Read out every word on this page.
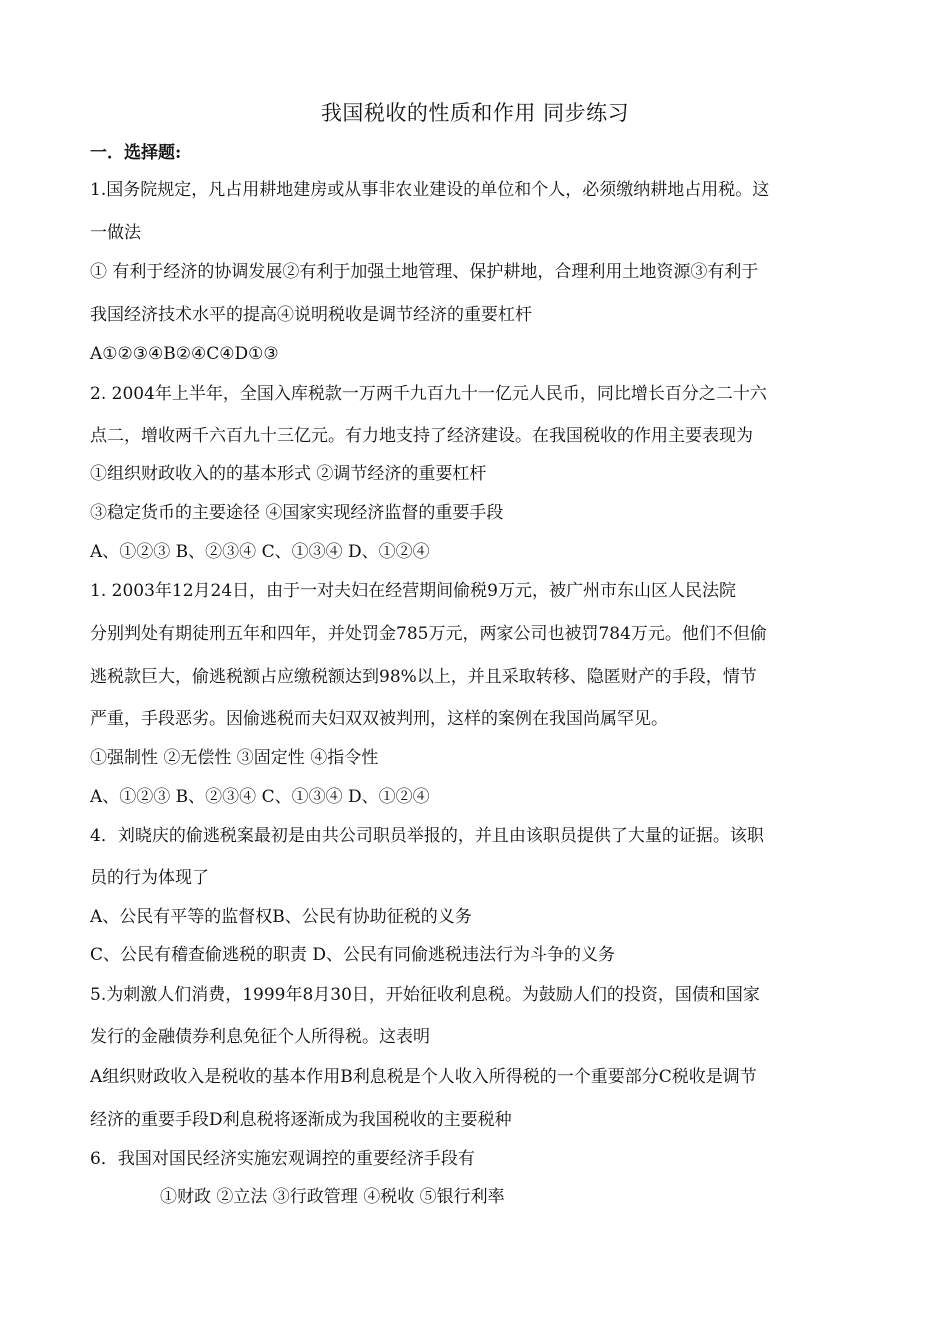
我国税收的性质和作用 同步练习
一．选择题:
1.国务院规定，凡占用耕地建房或从事非农业建设的单位和个人，必须缴纳耕地占用税。这
一做法
① 有利于经济的协调发展②有利于加强土地管理、保护耕地，合理利用土地资源③有利于
我国经济技术水平的提高④说明税收是调节经济的重要杠杆
A①②③④B②④C④D①③
2. 2004年上半年，全国入库税款一万两千九百九十一亿元人民币，同比增长百分之二十六
点二，增收两千六百九十三亿元。有力地支持了经济建设。在我国税收的作用主要表现为
①组织财政收入的的基本形式 ②调节经济的重要杠杆
③稳定货币的主要途径 ④国家实现经济监督的重要手段
A、①②③ B、②③④ C、①③④ D、①②④
1. 2003年12月24日，由于一对夫妇在经营期间偷税9万元，被广州市东山区人民法院
分别判处有期徒刑五年和四年，并处罚金785万元，两家公司也被罚784万元。他们不但偷
逃税款巨大，偷逃税额占应缴税额达到98%以上，并且采取转移、隐匿财产的手段，情节
严重，手段恶劣。因偷逃税而夫妇双双被判刑，这样的案例在我国尚属罕见。
①强制性 ②无偿性 ③固定性 ④指令性
A、①②③ B、②③④ C、①③④ D、①②④
4．刘晓庆的偷逃税案最初是由共公司职员举报的，并且由该职员提供了大量的证据。该职
员的行为体现了
A、公民有平等的监督权B、公民有协助征税的义务
C、公民有稽查偷逃税的职责 D、公民有同偷逃税违法行为斗争的义务
5.为刺激人们消费，1999年8月30日，开始征收利息税。为鼓励人们的投资，国债和国家
发行的金融债券利息免征个人所得税。这表明
A组织财政收入是税收的基本作用B利息税是个人收入所得税的一个重要部分C税收是调节
经济的重要手段D利息税将逐渐成为我国税收的主要税种
6．我国对国民经济实施宏观调控的重要经济手段有
①财政 ②立法 ③行政管理 ④税收 ⑤银行利率
